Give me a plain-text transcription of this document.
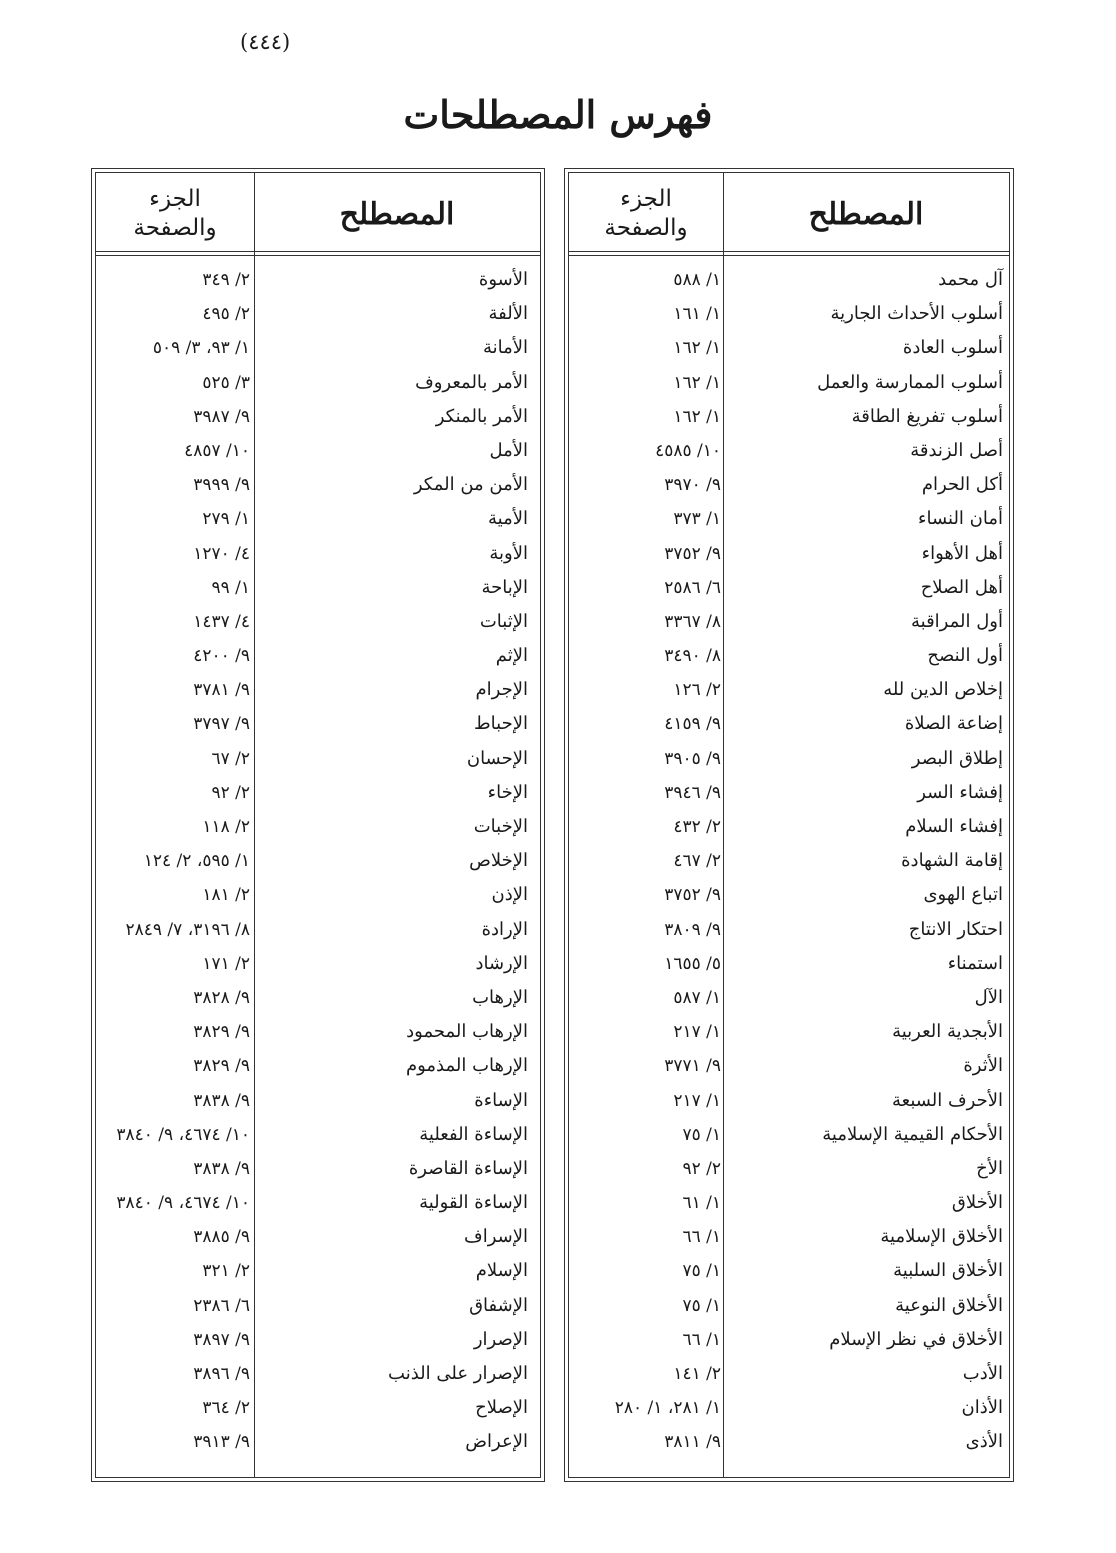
(٤٤٤)
فهرس المصطلحات
الجزء
والصفحة	المصطلح
آل محمد
١/ ٥٨٨
أسلوب الأحداث الجارية
١/ ١٦١
أسلوب العادة
١/ ١٦٢
أسلوب الممارسة والعمل
١/ ١٦٢
أسلوب تفريغ الطاقة
١/ ١٦٢
أصل الزندقة
١٠/ ٤٥٨٥
أكل الحرام
٩/ ٣٩٧٠
أمان النساء
١/ ٣٧٣
أهل الأهواء
٩/ ٣٧٥٢
أهل الصلاح
٦/ ٢٥٨٦
أول المراقبة
٨/ ٣٣٦٧
أول النصح
٨/ ٣٤٩٠
إخلاص الدين لله
٢/ ١٢٦
إضاعة الصلاة
٩/ ٤١٥٩
إطلاق البصر
٩/ ٣٩٠٥
إفشاء السر
٩/ ٣٩٤٦
إفشاء السلام
٢/ ٤٣٢
إقامة الشهادة
٢/ ٤٦٧
اتباع الهوى
٩/ ٣٧٥٢
احتكار الانتاج
٩/ ٣٨٠٩
استمناء
٥/ ١٦٥٥
الآل
١/ ٥٨٧
الأبجدية العربية
١/ ٢١٧
الأثرة
٩/ ٣٧٧١
الأحرف السبعة
١/ ٢١٧
الأحكام القيمية الإسلامية
١/ ٧٥
الأخ
٢/ ٩٢
الأخلاق
١/ ٦١
الأخلاق الإسلامية
١/ ٦٦
الأخلاق السلبية
١/ ٧٥
الأخلاق النوعية
١/ ٧٥
الأخلاق في نظر الإسلام
١/ ٦٦
الأدب
٢/ ١٤١
الأذان
١/ ٢٨١، ١/ ٢٨٠
الأذى
٩/ ٣٨١١
الجزء
والصفحة	المصطلح
الأسوة
٢/ ٣٤٩
الألفة
٢/ ٤٩٥
الأمانة
١/ ٩٣، ٣/ ٥٠٩
الأمر بالمعروف
٣/ ٥٢٥
الأمر بالمنكر
٩/ ٣٩٨٧
الأمل
١٠/ ٤٨٥٧
الأمن من المكر
٩/ ٣٩٩٩
الأمية
١/ ٢٧٩
الأوبة
٤/ ١٢٧٠
الإباحة
١/ ٩٩
الإثبات
٤/ ١٤٣٧
الإثم
٩/ ٤٢٠٠
الإجرام
٩/ ٣٧٨١
الإحباط
٩/ ٣٧٩٧
الإحسان
٢/ ٦٧
الإخاء
٢/ ٩٢
الإخبات
٢/ ١١٨
الإخلاص
١/ ٥٩٥، ٢/ ١٢٤
الإذن
٢/ ١٨١
الإرادة
٨/ ٣١٩٦، ٧/ ٢٨٤٩
الإرشاد
٢/ ١٧١
الإرهاب
٩/ ٣٨٢٨
الإرهاب المحمود
٩/ ٣٨٢٩
الإرهاب المذموم
٩/ ٣٨٢٩
الإساءة
٩/ ٣٨٣٨
الإساءة الفعلية
١٠/ ٤٦٧٤، ٩/ ٣٨٤٠
الإساءة القاصرة
٩/ ٣٨٣٨
الإساءة القولية
١٠/ ٤٦٧٤، ٩/ ٣٨٤٠
الإسراف
٩/ ٣٨٨٥
الإسلام
٢/ ٣٢١
الإشفاق
٦/ ٢٣٨٦
الإصرار
٩/ ٣٨٩٧
الإصرار على الذنب
٩/ ٣٨٩٦
الإصلاح
٢/ ٣٦٤
الإعراض
٩/ ٣٩١٣
